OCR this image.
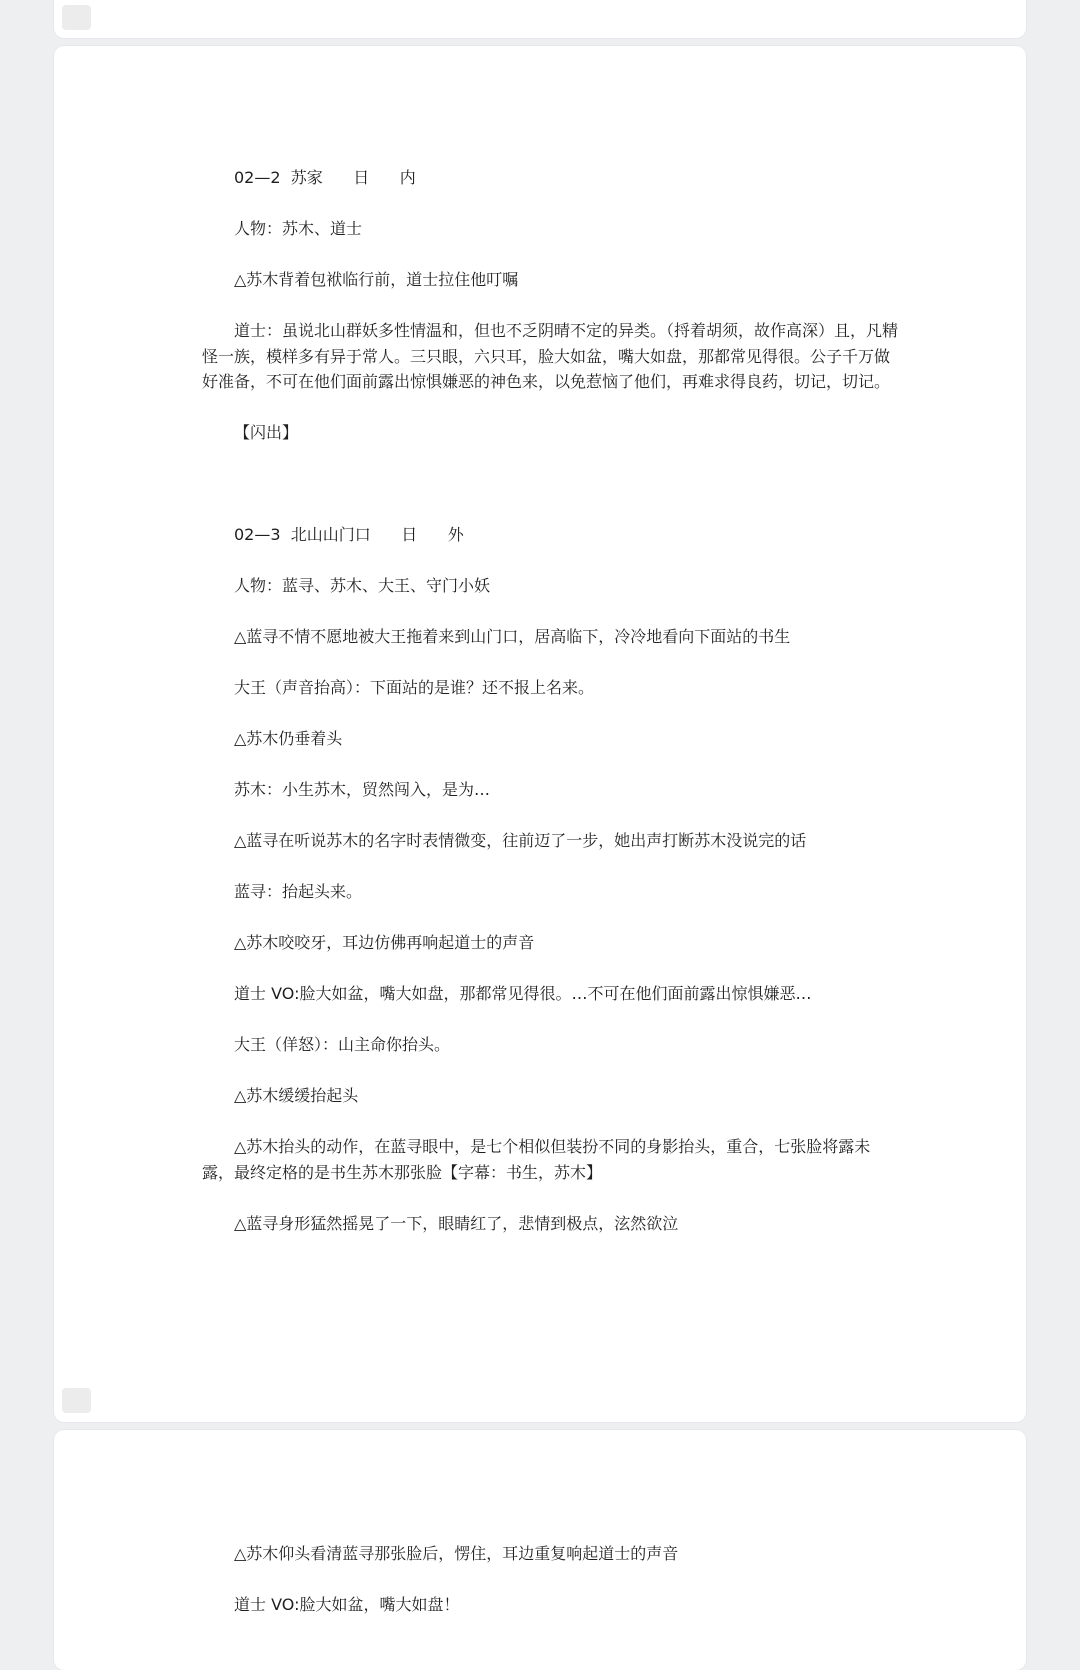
02—2  苏家      日      内

人物：苏木、道士

△苏木背着包袱临行前，道士拉住他叮嘱

道士：虽说北山群妖多性情温和，但也不乏阴晴不定的异类。（捋着胡须，故作高深）且，凡精怪一族，模样多有异于常人。三只眼，六只耳，脸大如盆，嘴大如盘，那都常见得很。公子千万做好准备，不可在他们面前露出惊惧嫌恶的神色来，以免惹恼了他们，再难求得良药，切记，切记。

【闪出】

02—3  北山山门口      日      外

人物：蓝寻、苏木、大王、守门小妖

△蓝寻不情不愿地被大王拖着来到山门口，居高临下，冷冷地看向下面站的书生

大王（声音抬高）：下面站的是谁？还不报上名来。

△苏木仍垂着头

苏木：小生苏木，贸然闯入，是为…

△蓝寻在听说苏木的名字时表情微变，往前迈了一步，她出声打断苏木没说完的话

蓝寻：抬起头来。

△苏木咬咬牙，耳边仿佛再响起道士的声音

道士 VO:脸大如盆，嘴大如盘，那都常见得很。…不可在他们面前露出惊惧嫌恶…

大王（佯怒）：山主命你抬头。

△苏木缓缓抬起头

△苏木抬头的动作，在蓝寻眼中，是七个相似但装扮不同的身影抬头，重合，七张脸将露未露，最终定格的是书生苏木那张脸【字幕：书生，苏木】

△蓝寻身形猛然摇晃了一下，眼睛红了，悲情到极点，泫然欲泣

△苏木仰头看清蓝寻那张脸后，愣住，耳边重复响起道士的声音

道士 VO:脸大如盆，嘴大如盘！
